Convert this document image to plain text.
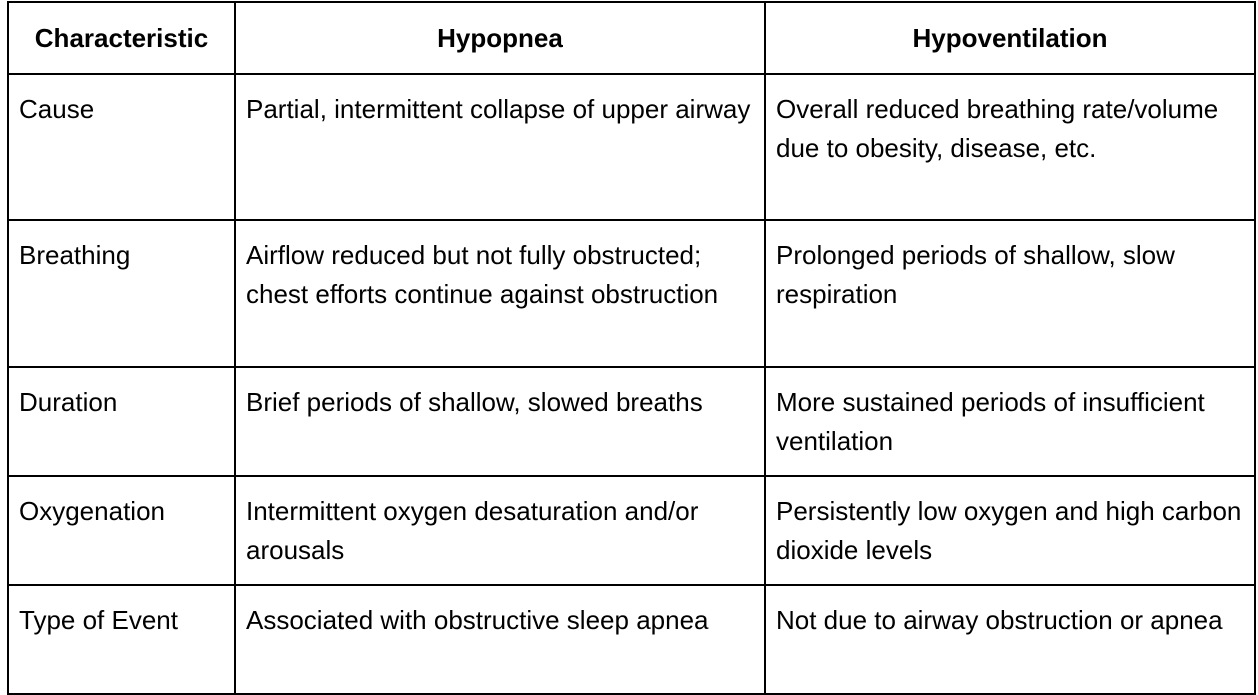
Characteristic	Hypopnea	Hypoventilation
Cause	Partial, intermittent collapse of upper airway	Overall reduced breathing rate/volume due to obesity, disease, etc.
Breathing	Airflow reduced but not fully obstructed; chest efforts continue against obstruction	Prolonged periods of shallow, slow respiration
Duration	Brief periods of shallow, slowed breaths	More sustained periods of insufficient ventilation
Oxygenation	Intermittent oxygen desaturation and/or arousals	Persistently low oxygen and high carbon dioxide levels
Type of Event	Associated with obstructive sleep apnea	Not due to airway obstruction or apnea
